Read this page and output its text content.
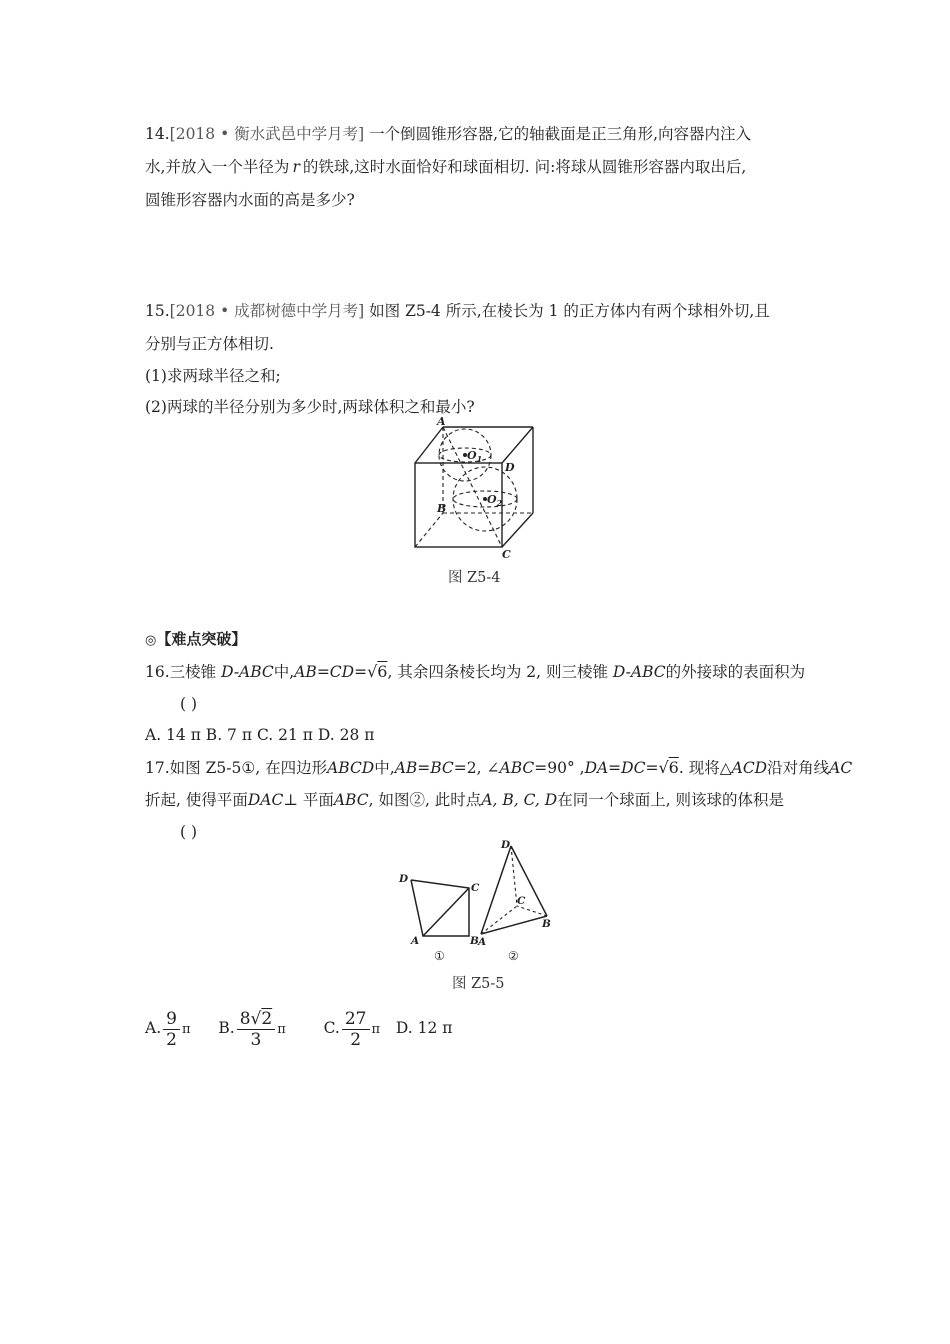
14.[2018 • 衡水武邑中学月考] 一个倒圆锥形容器,它的轴截面是正三角形,向容器内注入
水,并放入一个半径为 r 的铁球,这时水面恰好和球面相切. 问:将球从圆锥形容器内取出后,
圆锥形容器内水面的高是多少?
15.[2018 • 成都树德中学月考] 如图 Z5-4 所示,在棱长为 1 的正方体内有两个球相外切,且
分别与正方体相切.
(1)求两球半径之和;
(2)两球的半径分别为多少时,两球体积之和最小?
A
D
B
C
$O_1$
$O_2$
图 Z5-4
◎【难点突破】
16.三棱锥 D-ABC中,AB=CD=√6, 其余四条棱长均为 2, 则三棱锥 D-ABC的外接球的表面积为
( )
A. 14 π B. 7 π C. 21 π D. 28 π
17.如图 Z5-5①, 在四边形ABCD中,AB=BC=2, ∠ABC=90° ,DA=DC=√6. 现将△ACD沿对角线AC
折起, 使得平面DAC⊥ 平面ABC, 如图②, 此时点A, B, C, D在同一个球面上, 则该球的体积是
( )
D
C
A	B
D
C
A
B
①	②
图 Z5-5
A. $\frac{9}{2}$ π B. $\frac{8√2}{3}$ π C. $\frac{27}{2}$ π D. 12 π
